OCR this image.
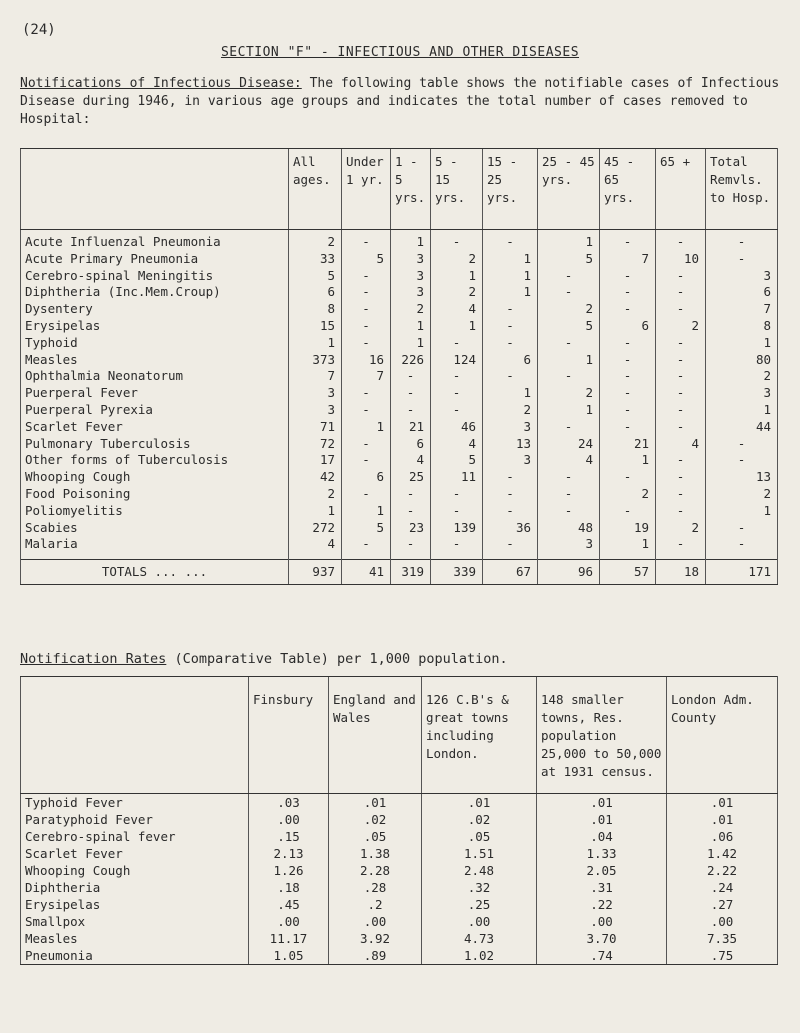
(24)
SECTION "F" - INFECTIOUS AND OTHER DISEASES
Notifications of Infectious Disease: The following table shows the notifiable cases of Infectious Disease during 1946, in various age groups and indicates the total number of cases removed to Hospital:
	All ages.	Under 1 yr.	1 - 5 yrs.	5 - 15 yrs.	15 - 25 yrs.	25 - 45 yrs.	45 - 65 yrs.	65 +	Total Remvls. to Hosp.
Acute Influenzal Pneumonia	2	-	1	-	-	1	-	-	-
Acute Primary Pneumonia	33	5	3	2	1	5	7	10	-
Cerebro-spinal Meningitis	5	-	3	1	1	-	-	-	3
Diphtheria (Inc.Mem.Croup)	6	-	3	2	1	-	-	-	6
Dysentery	8	-	2	4	-	2	-	-	7
Erysipelas	15	-	1	1	-	5	6	2	8
Typhoid	1	-	1	-	-	-	-	-	1
Measles	373	16	226	124	6	1	-	-	80
Ophthalmia Neonatorum	7	7	-	-	-	-	-	-	2
Puerperal Fever	3	-	-	-	1	2	-	-	3
Puerperal Pyrexia	3	-	-	-	2	1	-	-	1
Scarlet Fever	71	1	21	46	3	-	-	-	44
Pulmonary Tuberculosis	72	-	6	4	13	24	21	4	-
Other forms of Tuberculosis	17	-	4	5	3	4	1	-	-
Whooping Cough	42	6	25	11	-	-	-	-	13
Food Poisoning	2	-	-	-	-	-	2	-	2
Poliomyelitis	1	1	-	-	-	-	-	-	1
Scabies	272	5	23	139	36	48	19	2	-
Malaria	4	-	-	-	-	3	1	-	-

TOTALS ... ...	937	41	319	339	67	96	57	18	171
Notification Rates (Comparative Table) per 1,000 population.
	Finsbury	England and Wales	126 C.B's & great towns including London.	148 smaller towns, Res. population 25,000 to 50,000 at 1931 census.	London Adm. County
Typhoid Fever	.03	.01	.01	.01	.01
Paratyphoid Fever	.00	.02	.02	.01	.01
Cerebro-spinal fever	.15	.05	.05	.04	.06
Scarlet Fever	2.13	1.38	1.51	1.33	1.42
Whooping Cough	1.26	2.28	2.48	2.05	2.22
Diphtheria	.18	.28	.32	.31	.24
Erysipelas	.45	.2	.25	.22	.27
Smallpox	.00	.00	.00	.00	.00
Measles	11.17	3.92	4.73	3.70	7.35
Pneumonia	1.05	.89	1.02	.74	.75
